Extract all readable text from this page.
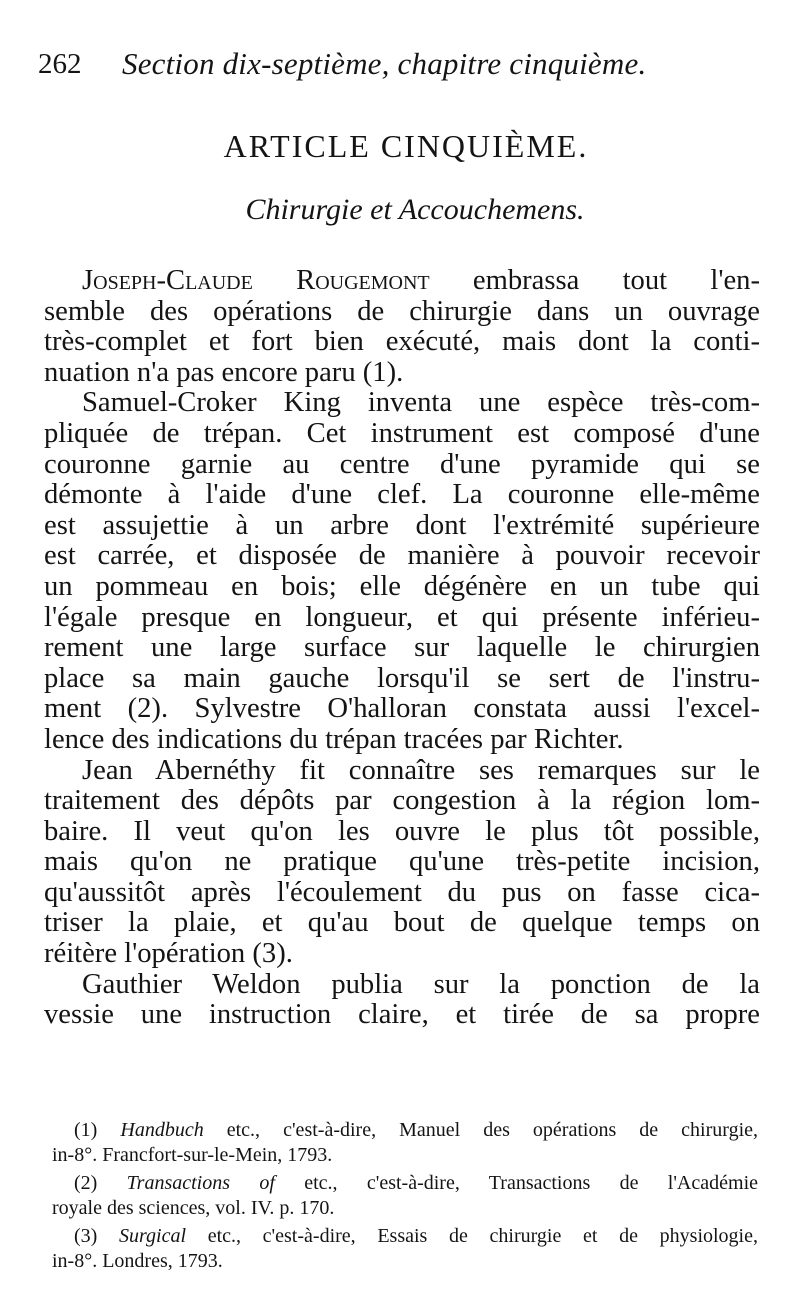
262 Section dix-septième, chapitre cinquième.
ARTICLE CINQUIÈME.
Chirurgie et Accouchemens.
Joseph-Claude Rougemont embrassa tout l'en-
semble des opérations de chirurgie dans un ouvrage
très-complet et fort bien exécuté, mais dont la conti-
nuation n'a pas encore paru (1).
Samuel-Croker King inventa une espèce très-com-
pliquée de trépan. Cet instrument est composé d'une
couronne garnie au centre d'une pyramide qui se
démonte à l'aide d'une clef. La couronne elle-même
est assujettie à un arbre dont l'extrémité supérieure
est carrée, et disposée de manière à pouvoir recevoir
un pommeau en bois; elle dégénère en un tube qui
l'égale presque en longueur, et qui présente inférieu-
rement une large surface sur laquelle le chirurgien
place sa main gauche lorsqu'il se sert de l'instru-
ment (2). Sylvestre O'halloran constata aussi l'excel-
lence des indications du trépan tracées par Richter.
Jean Abernéthy fit connaître ses remarques sur le
traitement des dépôts par congestion à la région lom-
baire. Il veut qu'on les ouvre le plus tôt possible,
mais qu'on ne pratique qu'une très-petite incision,
qu'aussitôt après l'écoulement du pus on fasse cica-
triser la plaie, et qu'au bout de quelque temps on
réitère l'opération (3).
Gauthier Weldon publia sur la ponction de la
vessie une instruction claire, et tirée de sa propre
(1) Handbuch etc., c'est-à-dire, Manuel des opérations de chirurgie,
in-8°. Francfort-sur-le-Mein, 1793.
(2) Transactions of etc., c'est-à-dire, Transactions de l'Académie
royale des sciences, vol. IV. p. 170.
(3) Surgical etc., c'est-à-dire, Essais de chirurgie et de physiologie,
in-8°. Londres, 1793.
